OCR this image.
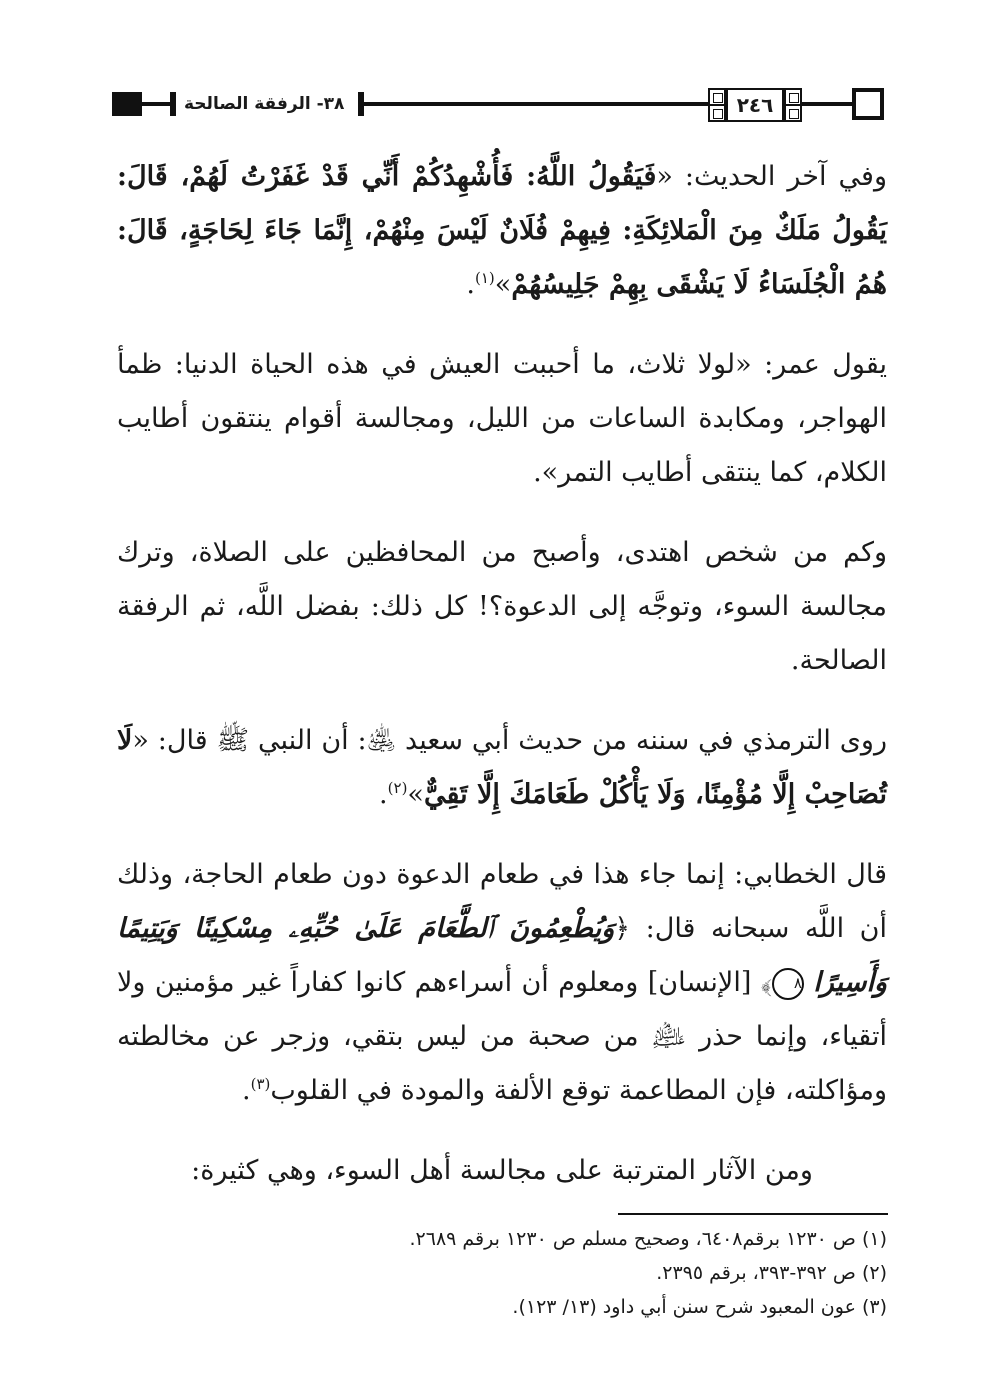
٣٨- الرفقة الصالحة	٢٤٦

وفي آخر الحديث: «فَيَقُولُ اللَّهُ: فَأُشْهِدُكُمْ أَنِّي قَدْ غَفَرْتُ لَهُمْ، قَالَ: يَقُولُ مَلَكٌ مِنَ الْمَلائِكَةِ: فِيهِمْ فُلَانٌ لَيْسَ مِنْهُمْ، إِنَّمَا جَاءَ لِحَاجَةٍ، قَالَ: هُمُ الْجُلَسَاءُ لَا يَشْقَى بِهِمْ جَلِيسُهُمْ»$^{(١)}$.

يقول عمر: «لولا ثلاث، ما أحببت العيش في هذه الحياة الدنيا: ظمأ الهواجر، ومكابدة الساعات من الليل، ومجالسة أقوام ينتقون أطايب الكلام، كما ينتقى أطايب التمر».

وكم من شخص اهتدى، وأصبح من المحافظين على الصلاة، وترك مجالسة السوء، وتوجَّه إلى الدعوة؟! كل ذلك: بفضل اللَّه، ثم الرفقة الصالحة.

روى الترمذي في سننه من حديث أبي سعيد ﵁: أن النبي ﷺ قال: «لَا تُصَاحِبْ إِلَّا مُؤْمِنًا، وَلَا يَأْكُلْ طَعَامَكَ إِلَّا تَقِيٌّ»$^{(٢)}$.

قال الخطابي: إنما جاء هذا في طعام الدعوة دون طعام الحاجة، وذلك أن اللَّه سبحانه قال: ﴿وَيُطْعِمُونَ ٱلطَّعَامَ عَلَىٰ حُبِّهِۦ مِسْكِينًا وَيَتِيمًا وَأَسِيرًا ٨﴾ [الإنسان] ومعلوم أن أسراءهم كانوا كفاراً غير مؤمنين ولا أتقياء، وإنما حذر ﵇ من صحبة من ليس بتقي، وزجر عن مخالطته ومؤاكلته، فإن المطاعمة توقع الألفة والمودة في القلوب$^{(٣)}$.

ومن الآثار المترتبة على مجالسة أهل السوء، وهي كثيرة:

(١) ص ١٢٣٠ برقم٦٤٠٨، وصحيح مسلم ص ١٢٣٠ برقم ٢٦٨٩.

(٢) ص ٣٩٢-٣٩٣، برقم ٢٣٩٥.

(٣) عون المعبود شرح سنن أبي داود (١٣/ ١٢٣).
